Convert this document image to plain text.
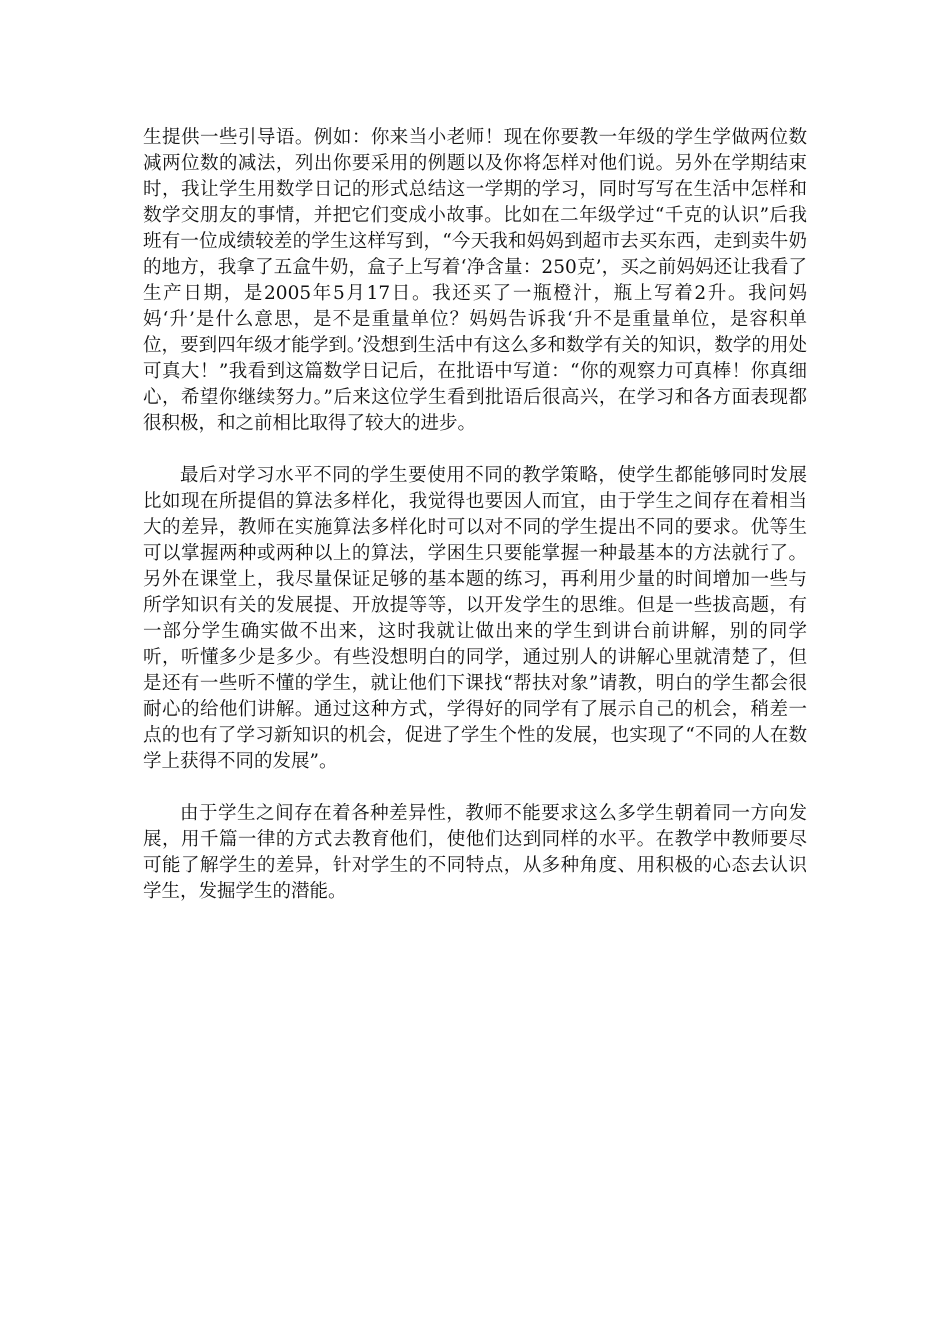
生提供一些引导语。例如：你来当小老师！现在你要教一年级的学生学做两位数减两位数的减法，列出你要采用的例题以及你将怎样对他们说。另外在学期结束时，我让学生用数学日记的形式总结这一学期的学习，同时写写在生活中怎样和数学交朋友的事情，并把它们变成小故事。比如在二年级学过“千克的认识”后我班有一位成绩较差的学生这样写到，“今天我和妈妈到超市去买东西，走到卖牛奶的地方，我拿了五盒牛奶，盒子上写着‘净含量：250克’，买之前妈妈还让我看了生产日期，是2005年5月17日。我还买了一瓶橙汁，瓶上写着2升。我问妈妈‘升’是什么意思，是不是重量单位？妈妈告诉我‘升不是重量单位，是容积单位，要到四年级才能学到。’没想到生活中有这么多和数学有关的知识，数学的用处可真大！”我看到这篇数学日记后，在批语中写道：“你的观察力可真棒！你真细心，希望你继续努力。”后来这位学生看到批语后很高兴，在学习和各方面表现都很积极，和之前相比取得了较大的进步。

最后对学习水平不同的学生要使用不同的教学策略，使学生都能够同时发展比如现在所提倡的算法多样化，我觉得也要因人而宜，由于学生之间存在着相当大的差异，教师在实施算法多样化时可以对不同的学生提出不同的要求。优等生可以掌握两种或两种以上的算法，学困生只要能掌握一种最基本的方法就行了。另外在课堂上，我尽量保证足够的基本题的练习，再利用少量的时间增加一些与所学知识有关的发展提、开放提等等，以开发学生的思维。但是一些拔高题，有一部分学生确实做不出来，这时我就让做出来的学生到讲台前讲解，别的同学听，听懂多少是多少。有些没想明白的同学，通过别人的讲解心里就清楚了，但是还有一些听不懂的学生，就让他们下课找“帮扶对象”请教，明白的学生都会很耐心的给他们讲解。通过这种方式，学得好的同学有了展示自己的机会，稍差一点的也有了学习新知识的机会，促进了学生个性的发展，也实现了“不同的人在数学上获得不同的发展”。

由于学生之间存在着各种差异性，教师不能要求这么多学生朝着同一方向发展，用千篇一律的方式去教育他们，使他们达到同样的水平。在教学中教师要尽可能了解学生的差异，针对学生的不同特点，从多种角度、用积极的心态去认识学生，发掘学生的潜能。
